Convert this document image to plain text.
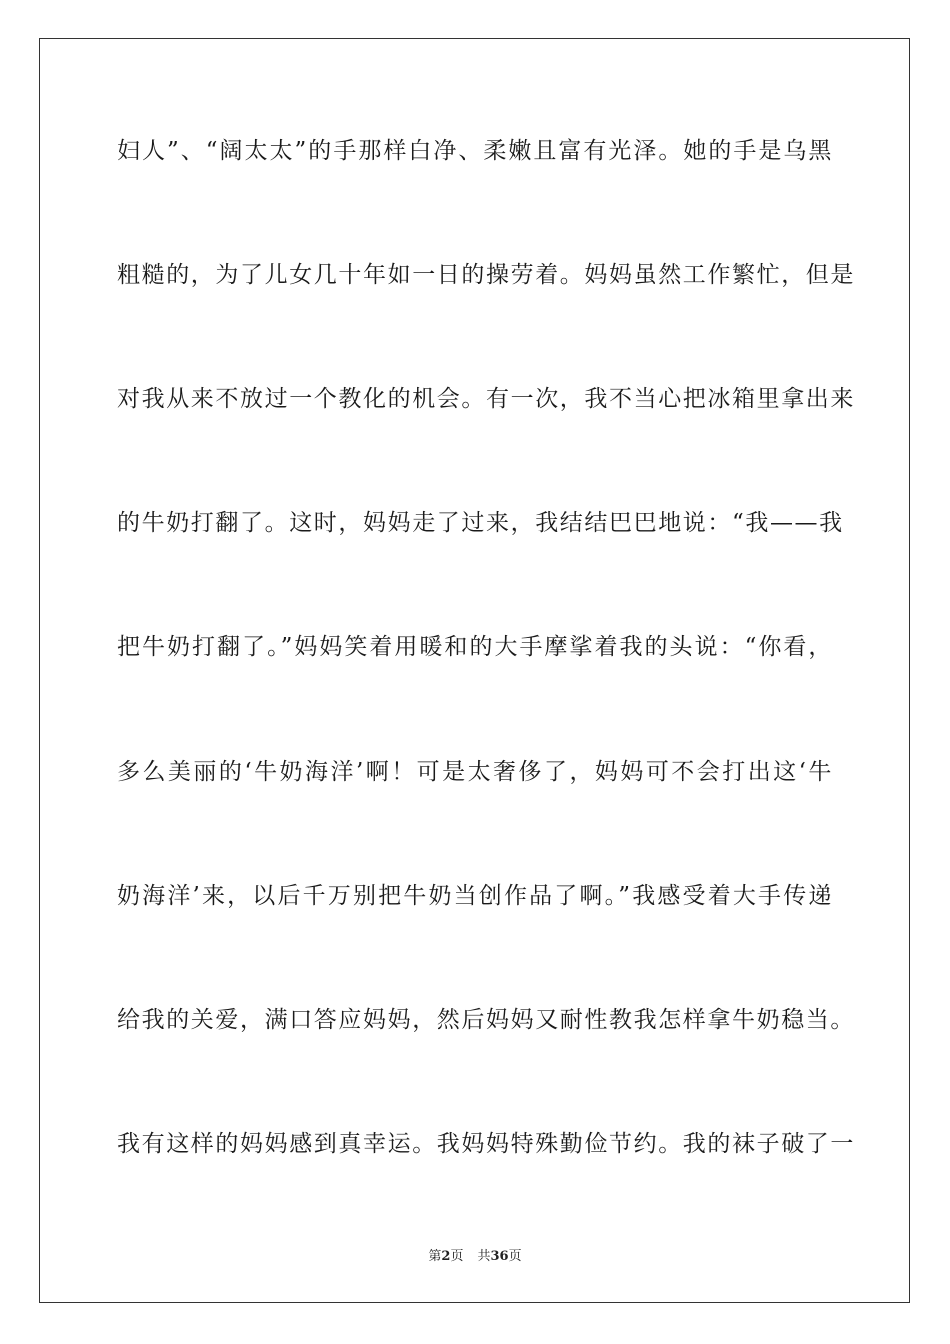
妇人”、“阔太太”的手那样白净、柔嫩且富有光泽。她的手是乌黑
粗糙的，为了儿女几十年如一日的操劳着。妈妈虽然工作繁忙，但是
对我从来不放过一个教化的机会。有一次，我不当心把冰箱里拿出来
的牛奶打翻了。这时，妈妈走了过来，我结结巴巴地说：“我——我
把牛奶打翻了。”妈妈笑着用暖和的大手摩挲着我的头说：“你看，
多么美丽的‘牛奶海洋’啊！可是太奢侈了，妈妈可不会打出这‘牛
奶海洋’来，以后千万别把牛奶当创作品了啊。”我感受着大手传递
给我的关爱，满口答应妈妈，然后妈妈又耐性教我怎样拿牛奶稳当。
我有这样的妈妈感到真幸运。我妈妈特殊勤俭节约。我的袜子破了一
第2页 共36页
